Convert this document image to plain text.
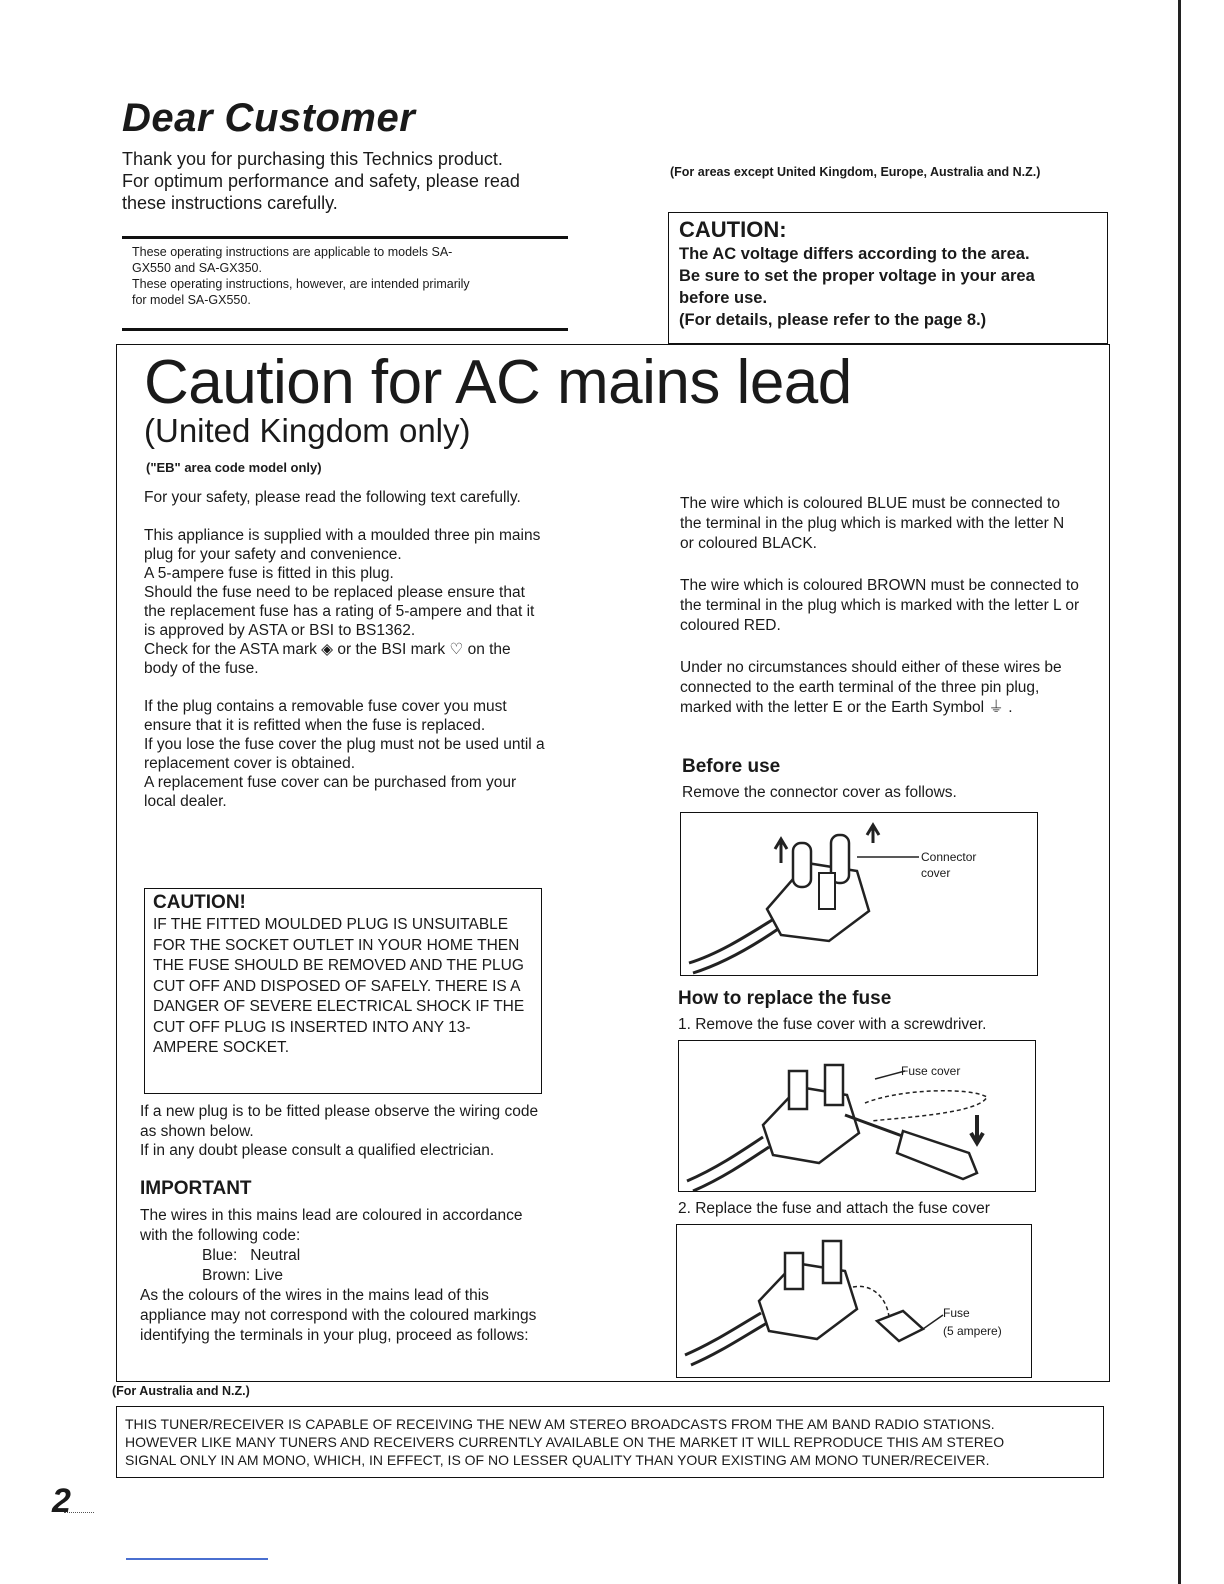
Dear Customer
Thank you for purchasing this Technics product.
For optimum performance and safety, please read
these instructions carefully.
These operating instructions are applicable to models SA-
GX550 and SA-GX350.
These operating instructions, however, are intended primarily
for model SA-GX550.
(For areas except United Kingdom, Europe, Australia and N.Z.)
CAUTION:
The AC voltage differs according to the area.
Be sure to set the proper voltage in your area
before use.
(For details, please refer to the page 8.)
Caution for AC mains lead
(United Kingdom only)
("EB" area code model only)

For your safety, please read the following text carefully.

This appliance is supplied with a moulded three pin mains plug for your safety and convenience.

A 5-ampere fuse is fitted in this plug.

Should the fuse need to be replaced please ensure that the replacement fuse has a rating of 5-ampere and that it is approved by ASTA or BSI to BS1362.

Check for the ASTA mark ◈ or the BSI mark ♡ on the body of the fuse.

If the plug contains a removable fuse cover you must ensure that it is refitted when the fuse is replaced.

If you lose the fuse cover the plug must not be used until a replacement cover is obtained.

A replacement fuse cover can be purchased from your local dealer.

CAUTION!
IF THE FITTED MOULDED PLUG IS UNSUITABLE FOR THE SOCKET OUTLET IN YOUR HOME THEN THE FUSE SHOULD BE REMOVED AND THE PLUG CUT OFF AND DISPOSED OF SAFELY. THERE IS A DANGER OF SEVERE ELECTRICAL SHOCK IF THE CUT OFF PLUG IS INSERTED INTO ANY 13-AMPERE SOCKET.
If a new plug is to be fitted please observe the wiring code as shown below.
If in any doubt please consult a qualified electrician.
IMPORTANT
The wires in this mains lead are coloured in accordance with the following code:
Blue:   Neutral
Brown: Live
As the colours of the wires in the mains lead of this appliance may not correspond with the coloured markings identifying the terminals in your plug, proceed as follows:

The wire which is coloured BLUE must be connected to the terminal in the plug which is marked with the letter N or coloured BLACK.

The wire which is coloured BROWN must be connected to the terminal in the plug which is marked with the letter L or coloured RED.

Under no circumstances should either of these wires be connected to the earth terminal of the three pin plug, marked with the letter E or the Earth Symbol ⏚ .

Before use
Remove the connector cover as follows.
Connector
cover
How to replace the fuse
1. Remove the fuse cover with a screwdriver.
Fuse cover
2. Replace the fuse and attach the fuse cover
Fuse
(5 ampere)
(For Australia and N.Z.)
THIS TUNER/RECEIVER IS CAPABLE OF RECEIVING THE NEW AM STEREO BROADCASTS FROM THE AM BAND RADIO STATIONS.
HOWEVER LIKE MANY TUNERS AND RECEIVERS CURRENTLY AVAILABLE ON THE MARKET IT WILL REPRODUCE THIS AM STEREO
SIGNAL ONLY IN AM MONO, WHICH, IN EFFECT, IS OF NO LESSER QUALITY THAN YOUR EXISTING AM MONO TUNER/RECEIVER.
2
